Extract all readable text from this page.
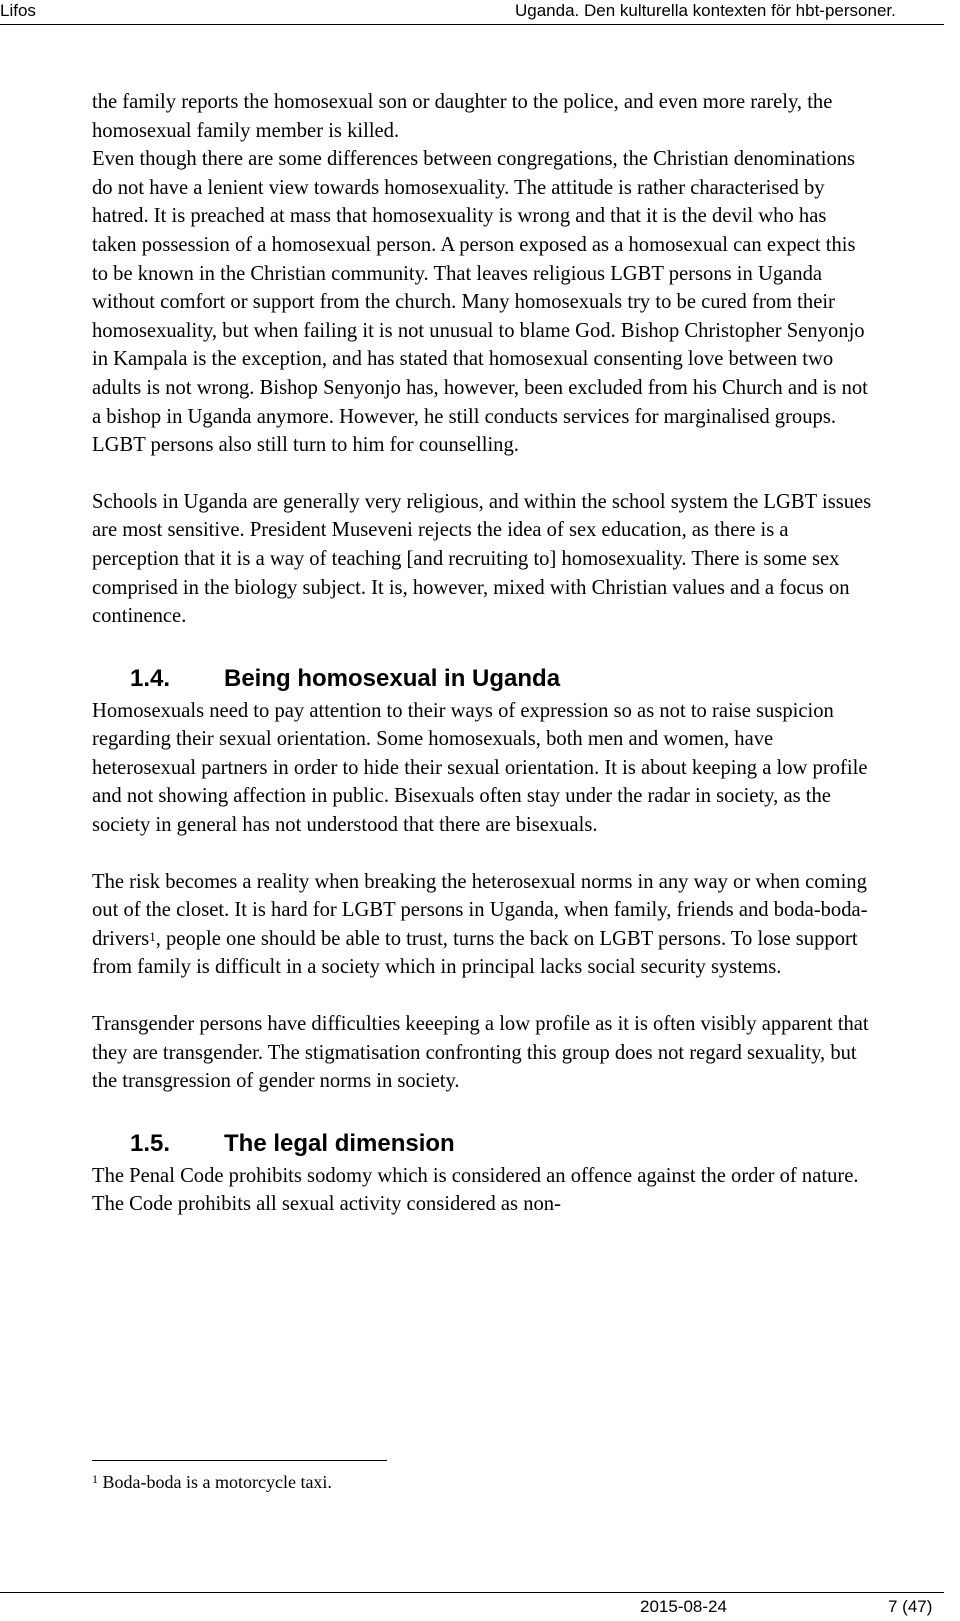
Lifos	Uganda. Den kulturella kontexten för hbt-personer.

the family reports the homosexual son or daughter to the police, and even more rarely, the homosexual family member is killed.

Even though there are some differences between congregations, the Christian denominations do not have a lenient view towards homosexuality. The attitude is rather characterised by hatred. It is preached at mass that homosexuality is wrong and that it is the devil who has taken possession of a homosexual person. A person exposed as a homosexual can expect this to be known in the Christian community. That leaves religious LGBT persons in Uganda without comfort or support from the church. Many homosexuals try to be cured from their homosexuality, but when failing it is not unusual to blame God. Bishop Christopher Senyonjo in Kampala is the exception, and has stated that homosexual consenting love between two adults is not wrong. Bishop Senyonjo has, however, been excluded from his Church and is not a bishop in Uganda anymore. However, he still conducts services for marginalised groups. LGBT persons also still turn to him for counselling.

Schools in Uganda are generally very religious, and within the school system the LGBT issues are most sensitive. President Museveni rejects the idea of sex education, as there is a perception that it is a way of teaching [and recruiting to] homosexuality. There is some sex comprised in the biology subject. It is, however, mixed with Christian values and a focus on continence.

1.4. Being homosexual in Uganda

Homosexuals need to pay attention to their ways of expression so as not to raise suspicion regarding their sexual orientation. Some homosexuals, both men and women, have heterosexual partners in order to hide their sexual orientation. It is about keeping a low profile and not showing affection in public. Bisexuals often stay under the radar in society, as the society in general has not understood that there are bisexuals.

The risk becomes a reality when breaking the heterosexual norms in any way or when coming out of the closet. It is hard for LGBT persons in Uganda, when family, friends and boda-boda-drivers$^1$, people one should be able to trust, turns the back on LGBT persons. To lose support from family is difficult in a society which in principal lacks social security systems.

Transgender persons have difficulties keeeping a low profile as it is often visibly apparent that they are transgender. The stigmatisation confronting this group does not regard sexuality, but the transgression of gender norms in society.

1.5. The legal dimension

The Penal Code prohibits sodomy which is considered an offence against the order of nature. The Code prohibits all sexual activity considered as non-

$^1$ Boda-boda is a motorcycle taxi.
2015-08-24	7 (47)
